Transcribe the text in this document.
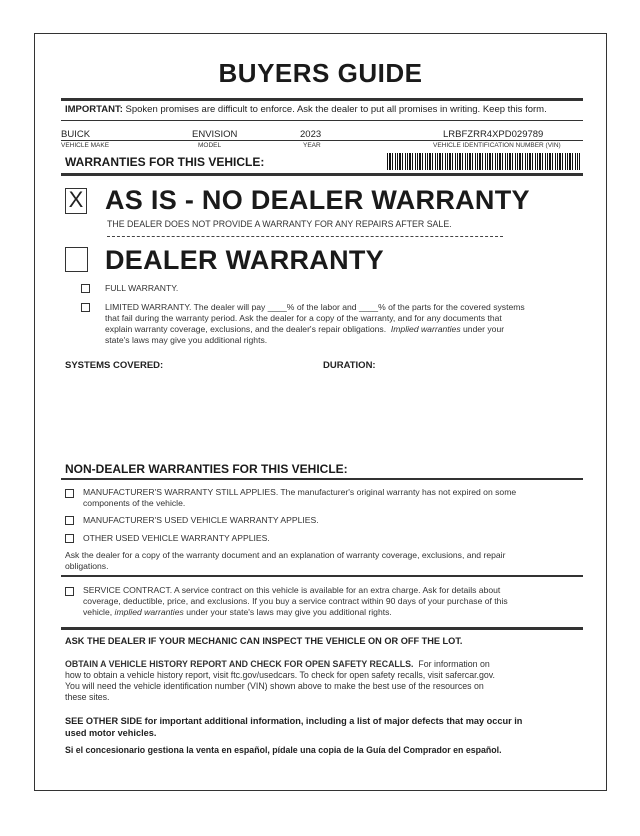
BUYERS GUIDE
IMPORTANT: Spoken promises are difficult to enforce. Ask the dealer to put all promises in writing. Keep this form.
BUICK	ENVISION	2023	LRBFZRR4XPD029789
VEHICLE MAKE	MODEL	YEAR	VEHICLE IDENTIFICATION NUMBER (VIN)
WARRANTIES FOR THIS VEHICLE:
X AS IS - NO DEALER WARRANTY
THE DEALER DOES NOT PROVIDE A WARRANTY FOR ANY REPAIRS AFTER SALE.
DEALER WARRANTY
FULL WARRANTY.
LIMITED WARRANTY. The dealer will pay ____% of the labor and ____% of the parts for the covered systems
that fail during the warranty period. Ask the dealer for a copy of the warranty, and for any documents that
explain warranty coverage, exclusions, and the dealer's repair obligations. Implied warranties under your
state's laws may give you additional rights.
SYSTEMS COVERED:	DURATION:
NON-DEALER WARRANTIES FOR THIS VEHICLE:
MANUFACTURER'S WARRANTY STILL APPLIES. The manufacturer's original warranty has not expired on some
components of the vehicle.
MANUFACTURER'S USED VEHICLE WARRANTY APPLIES.
OTHER USED VEHICLE WARRANTY APPLIES.
Ask the dealer for a copy of the warranty document and an explanation of warranty coverage, exclusions, and repair
obligations.
SERVICE CONTRACT. A service contract on this vehicle is available for an extra charge. Ask for details about
coverage, deductible, price, and exclusions. If you buy a service contract within 90 days of your purchase of this
vehicle, implied warranties under your state's laws may give you additional rights.
ASK THE DEALER IF YOUR MECHANIC CAN INSPECT THE VEHICLE ON OR OFF THE LOT.
OBTAIN A VEHICLE HISTORY REPORT AND CHECK FOR OPEN SAFETY RECALLS. For information on
how to obtain a vehicle history report, visit ftc.gov/usedcars. To check for open safety recalls, visit safercar.gov.
You will need the vehicle identification number (VIN) shown above to make the best use of the resources on
these sites.
SEE OTHER SIDE for important additional information, including a list of major defects that may occur in
used motor vehicles.
Si el concesionario gestiona la venta en español, pídale una copia de la Guía del Comprador en español.
